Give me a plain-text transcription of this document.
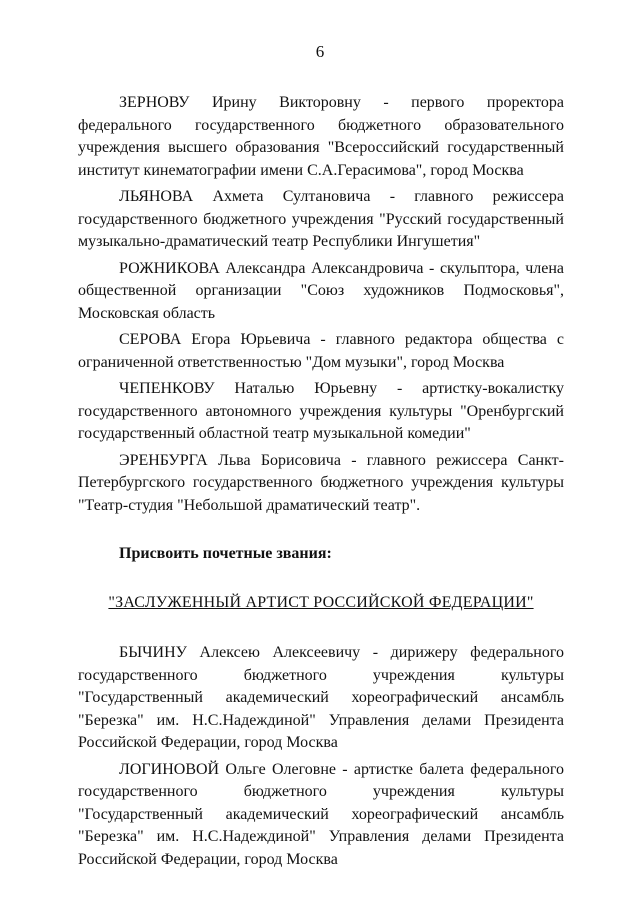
6

ЗЕРНОВУ Ирину Викторовну - первого проректора федерального государственного бюджетного образовательного учреждения высшего образования "Всероссийский государственный институт кинематографии имени С.А.Герасимова", город Москва

ЛЬЯНОВА Ахмета Султановича - главного режиссера государственного бюджетного учреждения "Русский государственный музыкально-драматический театр Республики Ингушетия"

РОЖНИКОВА Александра Александровича - скульптора, члена общественной организации "Союз художников Подмосковья", Московская область

СЕРОВА Егора Юрьевича - главного редактора общества с ограниченной ответственностью "Дом музыки", город Москва

ЧЕПЕНКОВУ Наталью Юрьевну - артистку-вокалистку государственного автономного учреждения культуры "Оренбургский государственный областной театр музыкальной комедии"

ЭРЕНБУРГА Льва Борисовича - главного режиссера Санкт-Петербургского государственного бюджетного учреждения культуры "Театр-студия "Небольшой драматический театр".

Присвоить почетные звания:

"ЗАСЛУЖЕННЫЙ АРТИСТ РОССИЙСКОЙ ФЕДЕРАЦИИ"

БЫЧИНУ Алексею Алексеевичу - дирижеру федерального государственного бюджетного учреждения культуры "Государственный академический хореографический ансамбль "Березка" им. Н.С.Надеждиной" Управления делами Президента Российской Федерации, город Москва

ЛОГИНОВОЙ Ольге Олеговне - артистке балета федерального государственного бюджетного учреждения культуры "Государственный академический хореографический ансамбль "Березка" им. Н.С.Надеждиной" Управления делами Президента Российской Федерации, город Москва
